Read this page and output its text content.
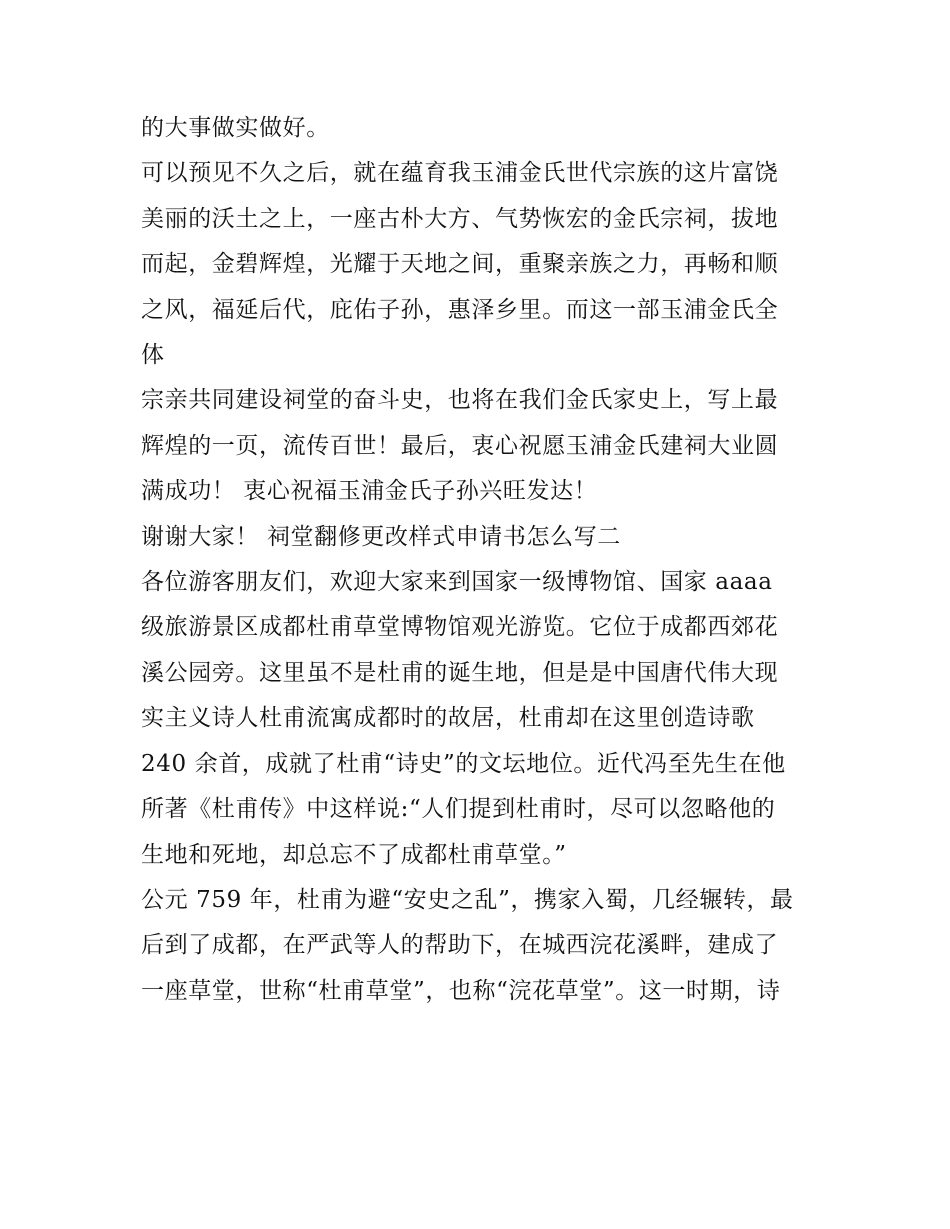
的大事做实做好。

可以预见不久之后，就在蕴育我玉浦金氏世代宗族的这片富饶

美丽的沃土之上，一座古朴大方、气势恢宏的金氏宗祠，拔地

而起，金碧辉煌，光耀于天地之间，重聚亲族之力，再畅和顺

之风，福延后代，庇佑子孙，惠泽乡里。而这一部玉浦金氏全

体

宗亲共同建设祠堂的奋斗史，也将在我们金氏家史上，写上最

辉煌的一页，流传百世！最后，衷心祝愿玉浦金氏建祠大业圆

满成功！ 衷心祝福玉浦金氏子孙兴旺发达！

谢谢大家！ 祠堂翻修更改样式申请书怎么写二

各位游客朋友们，欢迎大家来到国家一级博物馆、国家 aaaa

级旅游景区成都杜甫草堂博物馆观光游览。它位于成都西郊花

溪公园旁。这里虽不是杜甫的诞生地，但是是中国唐代伟大现

实主义诗人杜甫流寓成都时的故居，杜甫却在这里创造诗歌

240 余首，成就了杜甫“诗史”的文坛地位。近代冯至先生在他

所著《杜甫传》中这样说:“人们提到杜甫时，尽可以忽略他的

生地和死地，却总忘不了成都杜甫草堂。”

公元 759 年，杜甫为避“安史之乱”，携家入蜀，几经辗转，最

后到了成都，在严武等人的帮助下，在城西浣花溪畔，建成了

一座草堂，世称“杜甫草堂”，也称“浣花草堂”。这一时期，诗
